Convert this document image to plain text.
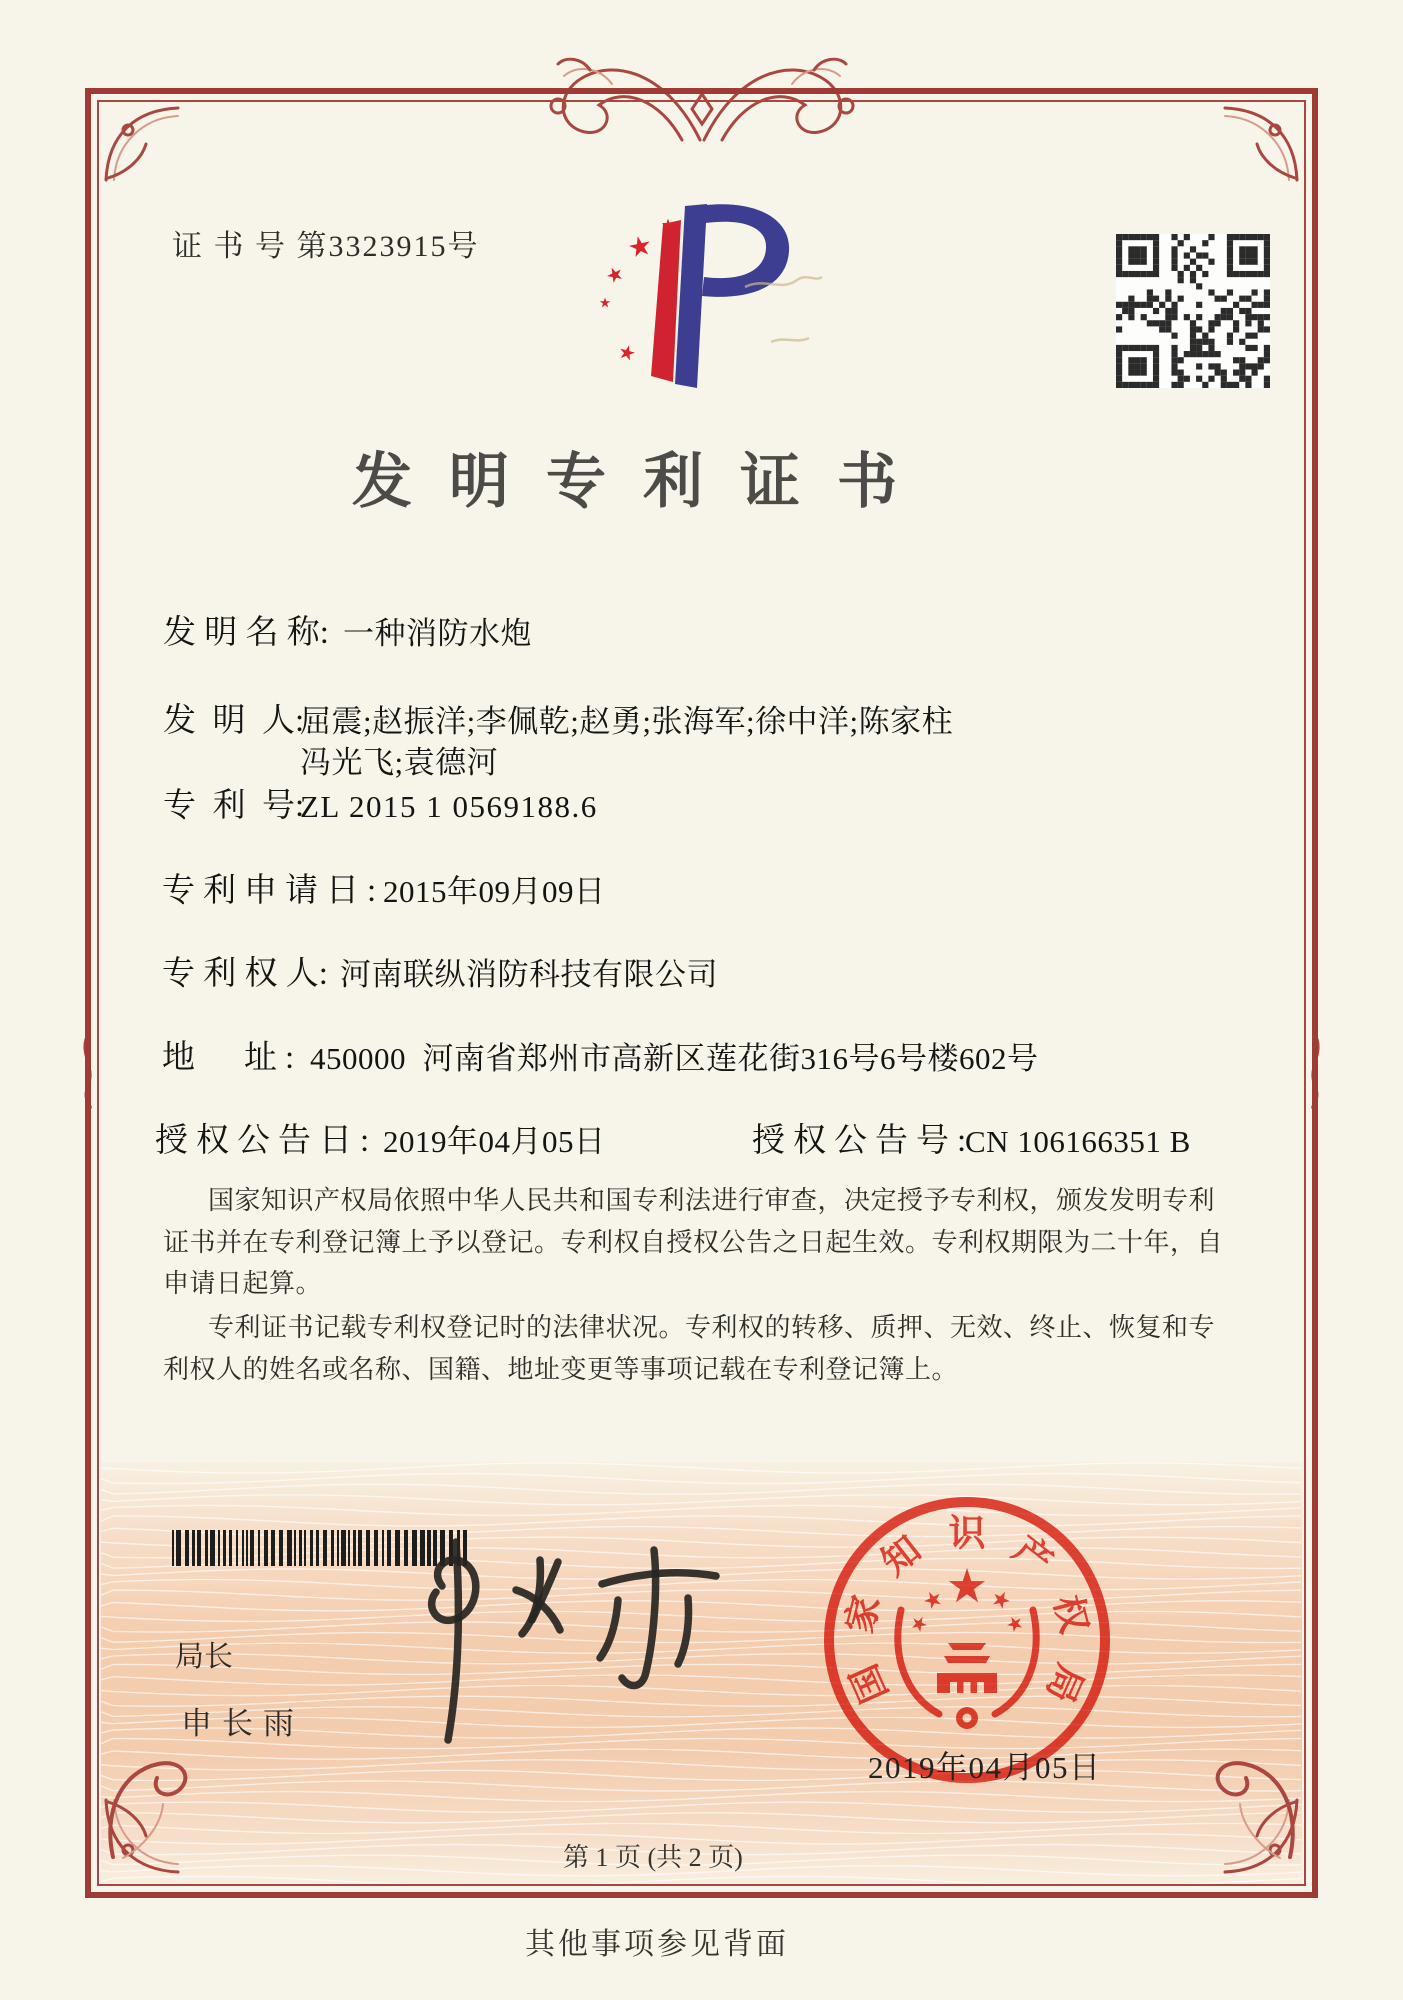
证 书 号 第3323915号
发明专利证书
发 明 名 称: 一种消防水炮
发  明  人:
屈震;赵振洋;李佩乾;赵勇;张海军;徐中洋;陈家柱
冯光飞;袁德河
专  利  号:
ZL 2015 1 0569188.6
专利申请日:
2015年09月09日
专 利 权 人: 河南联纵消防科技有限公司
地　址: 450000  河南省郑州市高新区莲花街316号6号楼602号
授权公告日: 2019年04月05日	授权公告号:
CN 106166351 B
国家知识产权局依照中华人民共和国专利法进行审查，决定授予专利权，颁发发明专利
证书并在专利登记簿上予以登记。专利权自授权公告之日起生效。专利权期限为二十年，自
申请日起算。
专利证书记载专利权登记时的法律状况。专利权的转移、质押、无效、终止、恢复和专
利权人的姓名或名称、国籍、地址变更等事项记载在专利登记簿上。
局长
申长雨
国
家
知 识 产
权
局
2019年04月05日
第 1 页 (共 2 页)
其他事项参见背面
